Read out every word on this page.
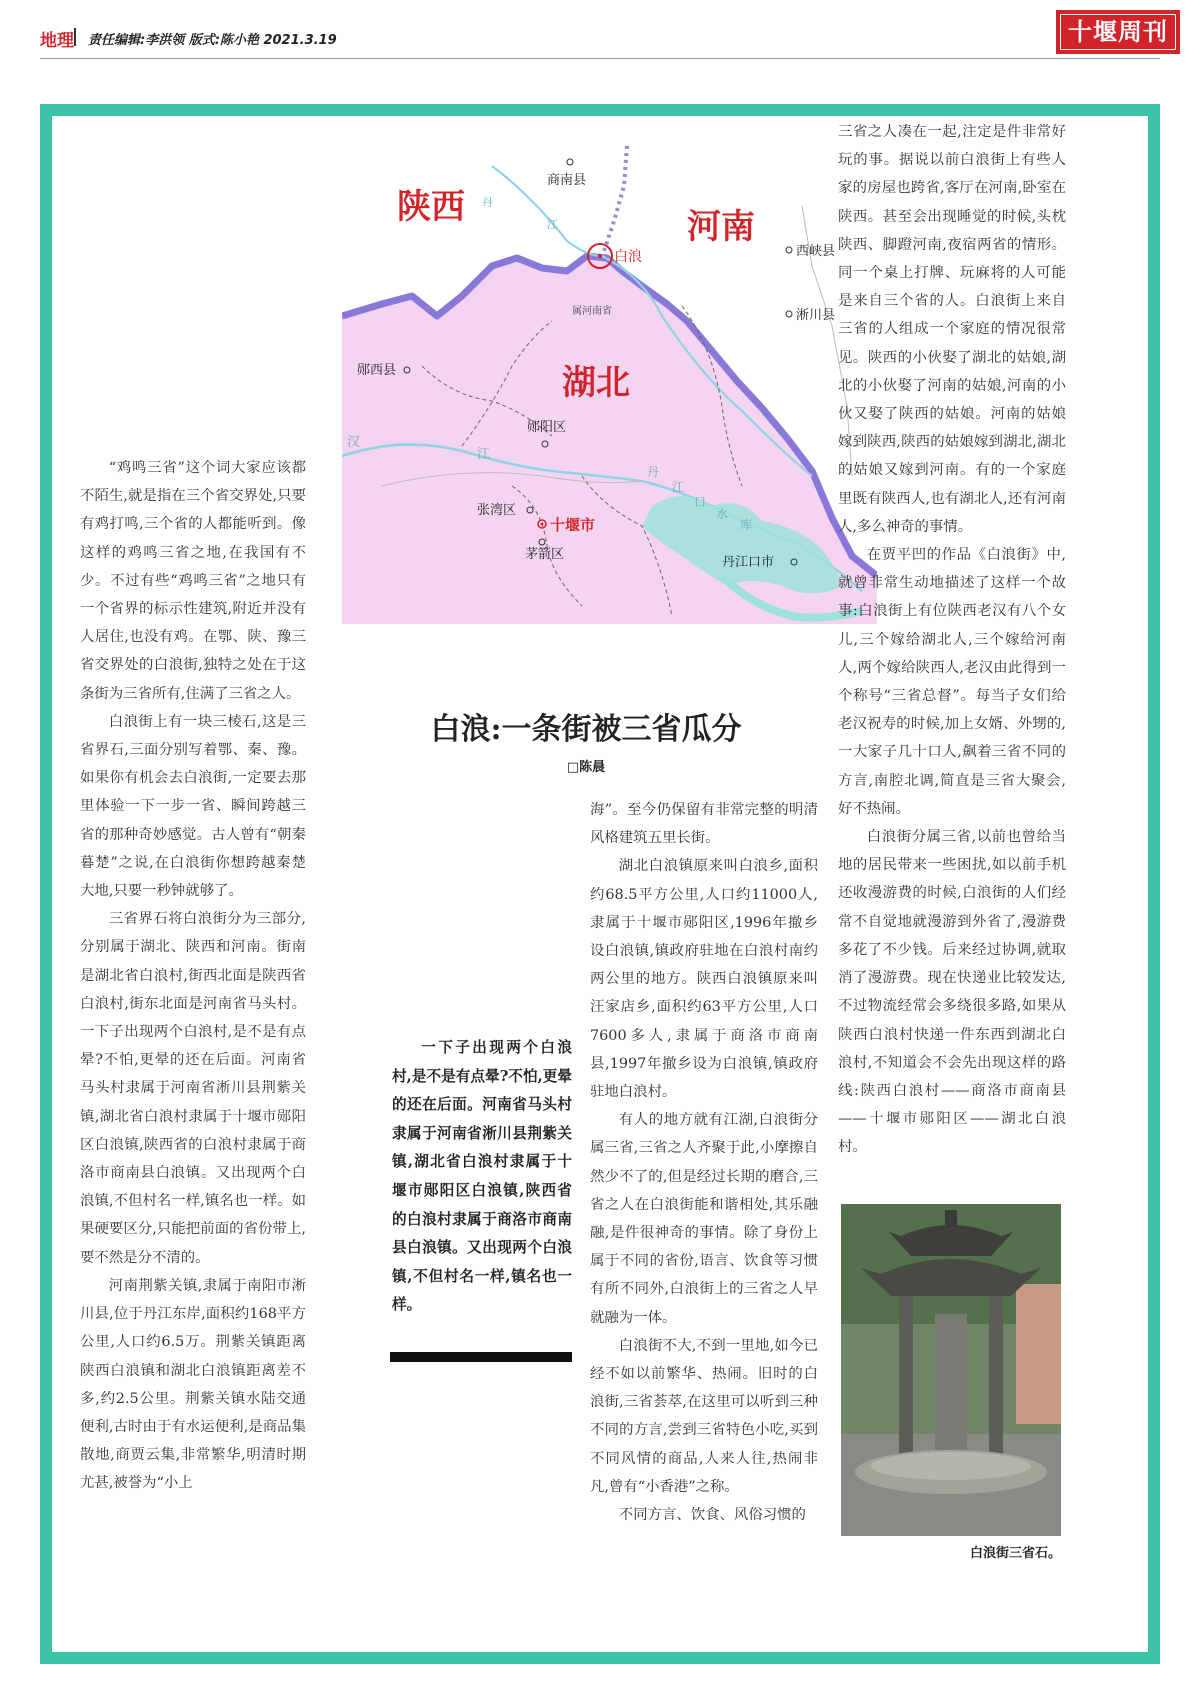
地理 责任编辑:李洪领 版式:陈小艳 2021.3.19	十堰周刊
陕西	河南
湖北
商南县
白浪	西峡县
淅川县
属河南省
郧西县
郧阳区
张湾区
十堰市
茅箭区
丹江口市
丹
江
汉
江
丹
江
口
水
库

“鸡鸣三省”这个词大家应该都不陌生,就是指在三个省交界处,只要有鸡打鸣,三个省的人都能听到。像这样的鸡鸣三省之地,在我国有不少。不过有些“鸡鸣三省”之地只有一个省界的标示性建筑,附近并没有人居住,也没有鸡。在鄂、陕、豫三省交界处的白浪街,独特之处在于这条街为三省所有,住满了三省之人。

白浪街上有一块三棱石,这是三省界石,三面分别写着鄂、秦、豫。如果你有机会去白浪街,一定要去那里体验一下一步一省、瞬间跨越三省的那种奇妙感觉。古人曾有“朝秦暮楚”之说,在白浪街你想跨越秦楚大地,只要一秒钟就够了。

三省界石将白浪街分为三部分,分别属于湖北、陕西和河南。街南是湖北省白浪村,街西北面是陕西省白浪村,街东北面是河南省马头村。一下子出现两个白浪村,是不是有点晕?不怕,更晕的还在后面。河南省马头村隶属于河南省淅川县荆紫关镇,湖北省白浪村隶属于十堰市郧阳区白浪镇,陕西省的白浪村隶属于商洛市商南县白浪镇。又出现两个白浪镇,不但村名一样,镇名也一样。如果硬要区分,只能把前面的省份带上,要不然是分不清的。

河南荆紫关镇,隶属于南阳市淅川县,位于丹江东岸,面积约168平方公里,人口约6.5万。荆紫关镇距离陕西白浪镇和湖北白浪镇距离差不多,约2.5公里。荆紫关镇水陆交通便利,古时由于有水运便利,是商品集散地,商贾云集,非常繁华,明清时期尤甚,被誉为“小上

白浪:一条街被三省瓜分
□陈晨

一下子出现两个白浪村,是不是有点晕?不怕,更晕的还在后面。河南省马头村隶属于河南省淅川县荆紫关镇,湖北省白浪村隶属于十堰市郧阳区白浪镇,陕西省的白浪村隶属于商洛市商南县白浪镇。又出现两个白浪镇,不但村名一样,镇名也一样。

海”。至今仍保留有非常完整的明清风格建筑五里长街。

湖北白浪镇原来叫白浪乡,面积约68.5平方公里,人口约11000人,隶属于十堰市郧阳区,1996年撤乡设白浪镇,镇政府驻地在白浪村南约两公里的地方。陕西白浪镇原来叫汪家店乡,面积约63平方公里,人口7600多人,隶属于商洛市商南县,1997年撤乡设为白浪镇,镇政府驻地白浪村。

有人的地方就有江湖,白浪街分属三省,三省之人齐聚于此,小摩擦自然少不了的,但是经过长期的磨合,三省之人在白浪街能和谐相处,其乐融融,是件很神奇的事情。除了身份上属于不同的省份,语言、饮食等习惯有所不同外,白浪街上的三省之人早就融为一体。

白浪街不大,不到一里地,如今已经不如以前繁华、热闹。旧时的白浪街,三省荟萃,在这里可以听到三种不同的方言,尝到三省特色小吃,买到不同风情的商品,人来人往,热闹非凡,曾有“小香港”之称。

不同方言、饮食、风俗习惯的

三省之人凑在一起,注定是件非常好玩的事。据说以前白浪街上有些人家的房屋也跨省,客厅在河南,卧室在陕西。甚至会出现睡觉的时候,头枕陕西、脚蹬河南,夜宿两省的情形。同一个桌上打牌、玩麻将的人可能是来自三个省的人。白浪街上来自三省的人组成一个家庭的情况很常见。陕西的小伙娶了湖北的姑娘,湖北的小伙娶了河南的姑娘,河南的小伙又娶了陕西的姑娘。河南的姑娘嫁到陕西,陕西的姑娘嫁到湖北,湖北的姑娘又嫁到河南。有的一个家庭里既有陕西人,也有湖北人,还有河南人,多么神奇的事情。

在贾平凹的作品《白浪街》中,就曾非常生动地描述了这样一个故事:白浪街上有位陕西老汉有八个女儿,三个嫁给湖北人,三个嫁给河南人,两个嫁给陕西人,老汉由此得到一个称号“三省总督”。每当子女们给老汉祝寿的时候,加上女婿、外甥的,一大家子几十口人,飙着三省不同的方言,南腔北调,简直是三省大聚会,好不热闹。

白浪街分属三省,以前也曾给当地的居民带来一些困扰,如以前手机还收漫游费的时候,白浪街的人们经常不自觉地就漫游到外省了,漫游费多花了不少钱。后来经过协调,就取消了漫游费。现在快递业比较发达,不过物流经常会多绕很多路,如果从陕西白浪村快递一件东西到湖北白浪村,不知道会不会先出现这样的路线:陕西白浪村——商洛市商南县——十堰市郧阳区——湖北白浪村。

白浪街三省石。
